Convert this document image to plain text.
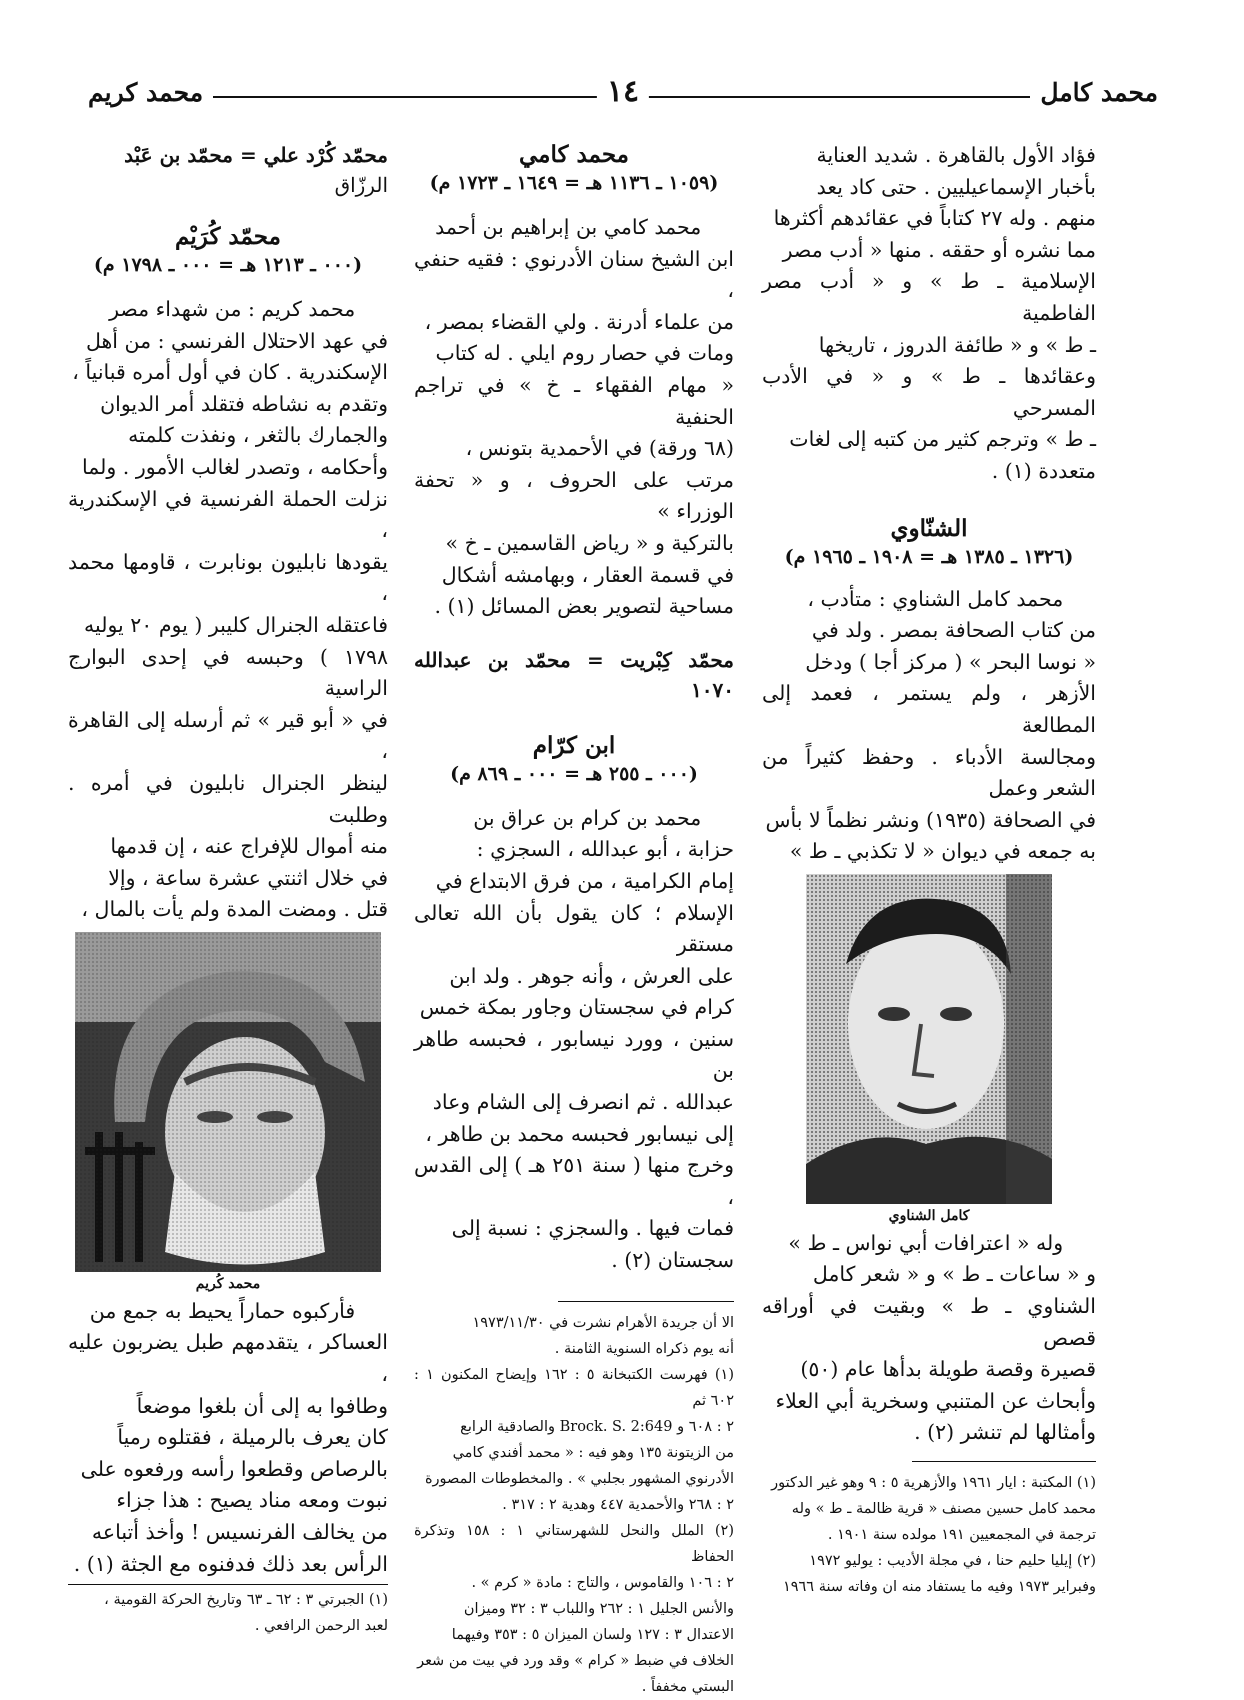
محمد كامل
١٤
محمد كريم

فؤاد الأول بالقاهرة . شديد العناية

بأخبار الإسماعيليين . حتى كاد يعد

منهم . وله ٢٧ كتاباً في عقائدهم أكثرها

مما نشره أو حققه . منها « أدب مصر

الإسلامية ـ ط » و « أدب مصر الفاطمية

ـ ط » و « طائفة الدروز ، تاريخها

وعقائدها ـ ط » و « في الأدب المسرحي

ـ ط » وترجم كثير من كتبه إلى لغات

متعددة (١) .

الشنّاوي

(١٣٢٦ ـ ١٣٨٥ هـ = ١٩٠٨ ـ ١٩٦٥ م)

محمد كامل الشناوي : متأدب ،

من كتاب الصحافة بمصر . ولد في

« نوسا البحر » ( مركز أجا ) ودخل

الأزهر ، ولم يستمر ، فعمد إلى المطالعة

ومجالسة الأدباء . وحفظ كثيراً من الشعر وعمل

في الصحافة (١٩٣٥) ونشر نظماً لا بأس

به جمعه في ديوان « لا تكذبي ـ ط »

كامل الشناوي

وله « اعترافات أبي نواس ـ ط »

و « ساعات ـ ط » و « شعر كامل

الشناوي ـ ط » وبقيت في أوراقه قصص

قصيرة وقصة طويلة بدأها عام (٥٠)

وأبحاث عن المتنبي وسخرية أبي العلاء

وأمثالها لم تنشر (٢) .

(١) المكتبة : ايار ١٩٦١ والأزهرية ٥ : ٩ وهو غير الدكتور

محمد كامل حسين مصنف « قرية ظالمة ـ ط » وله

ترجمة في المجمعيين ١٩١ مولده سنة ١٩٠١ .

(٢) إيليا حليم حنا ، في مجلة الأديب : يوليو ١٩٧٢

وفبراير ١٩٧٣ وفيه ما يستفاد منه ان وفاته سنة ١٩٦٦

محمد كامي

(١٠٥٩ ـ ١١٣٦ هـ = ١٦٤٩ ـ ١٧٢٣ م)

محمد كامي بن إبراهيم بن أحمد

ابن الشيخ سنان الأدرنوي : فقيه حنفي ،

من علماء أدرنة . ولي القضاء بمصر ،

ومات في حصار روم ايلي . له كتاب

« مهام الفقهاء ـ خ » في تراجم الحنفية

(٦٨ ورقة) في الأحمدية بتونس ،

مرتب على الحروف ، و « تحفة الوزراء »

بالتركية و « رياض القاسمين ـ خ »

في قسمة العقار ، وبهامشه أشكال

مساحية لتصوير بعض المسائل (١) .

محمّد كِبْريت = محمّد بن عبدالله ١٠٧٠

ابن كرّام

(٠٠٠ ـ ٢٥٥ هـ = ٠٠٠ ـ ٨٦٩ م)

محمد بن كرام بن عراق بن

حزابة ، أبو عبدالله ، السجزي :

إمام الكرامية ، من فرق الابتداع في

الإسلام ؛ كان يقول بأن الله تعالى مستقر

على العرش ، وأنه جوهر . ولد ابن

كرام في سجستان وجاور بمكة خمس

سنين ، وورد نيسابور ، فحبسه طاهر بن

عبدالله . ثم انصرف إلى الشام وعاد

إلى نيسابور فحبسه محمد بن طاهر ،

وخرج منها ( سنة ٢٥١ هـ ) إلى القدس ،

فمات فيها . والسجزي : نسبة إلى

سجستان (٢) .

الا أن جريدة الأهرام نشرت في ١٩٧٣/١١/٣٠

أنه يوم ذكراه السنوية الثامنة .

(١) فهرست الكتبخانة ٥ : ١٦٢ وإيضاح المكنون ١ : ٦٠٢ ثم

٢ : ٦٠٨ و Brock. S. 2:649 والصادقية الرابع

من الزيتونة ١٣٥ وهو فيه : « محمد أفندي كامي

الأدرنوي المشهور بجلبي » . والمخطوطات المصورة

٢ : ٢٦٨ والأحمدية ٤٤٧ وهدية ٢ : ٣١٧ .

(٢) الملل والنحل للشهرستاني ١ : ١٥٨ وتذكرة الحفاظ

٢ : ١٠٦ والقاموس ، والتاج : مادة « كرم » .

والأنس الجليل ١ : ٢٦٢ واللباب ٣ : ٣٢ وميزان

الاعتدال ٣ : ١٢٧ ولسان الميزان ٥ : ٣٥٣ وفيهما

الخلاف في ضبط « كرام » وقد ورد في بيت من شعر

البستي مخففاً .

محمّد كُرْد علي = محمّد بن عَبْد

الرزّاق

محمّد كُرَيْم

(٠٠٠ ـ ١٢١٣ هـ = ٠٠٠ ـ ١٧٩٨ م)

محمد كريم : من شهداء مصر

في عهد الاحتلال الفرنسي : من أهل

الإسكندرية . كان في أول أمره قبانياً ،

وتقدم به نشاطه فتقلد أمر الديوان

والجمارك بالثغر ، ونفذت كلمته

وأحكامه ، وتصدر لغالب الأمور . ولما

نزلت الحملة الفرنسية في الإسكندرية ،

يقودها نابليون بونابرت ، قاومها محمد ،

فاعتقله الجنرال كليبر ( يوم ٢٠ يوليه

١٧٩٨ ) وحبسه في إحدى البوارج الراسية

في « أبو قير » ثم أرسله إلى القاهرة ،

لينظر الجنرال نابليون في أمره . وطلبت

منه أموال للإفراج عنه ، إن قدمها

في خلال اثنتي عشرة ساعة ، وإلا

قتل . ومضت المدة ولم يأت بالمال ،

محمد كُريم

فأركبوه حماراً يحيط به جمع من

العساكر ، يتقدمهم طبل يضربون عليه ،

وطافوا به إلى أن بلغوا موضعاً

كان يعرف بالرميلة ، فقتلوه رمياً

بالرصاص وقطعوا رأسه ورفعوه على

نبوت ومعه مناد يصيح : هذا جزاء

من يخالف الفرنسيس ! وأخذ أتباعه

الرأس بعد ذلك فدفنوه مع الجثة (١) .

(١) الجبرتي ٣ : ٦٢ ـ ٦٣ وتاريخ الحركة القومية ،

لعبد الرحمن الرافعي .
